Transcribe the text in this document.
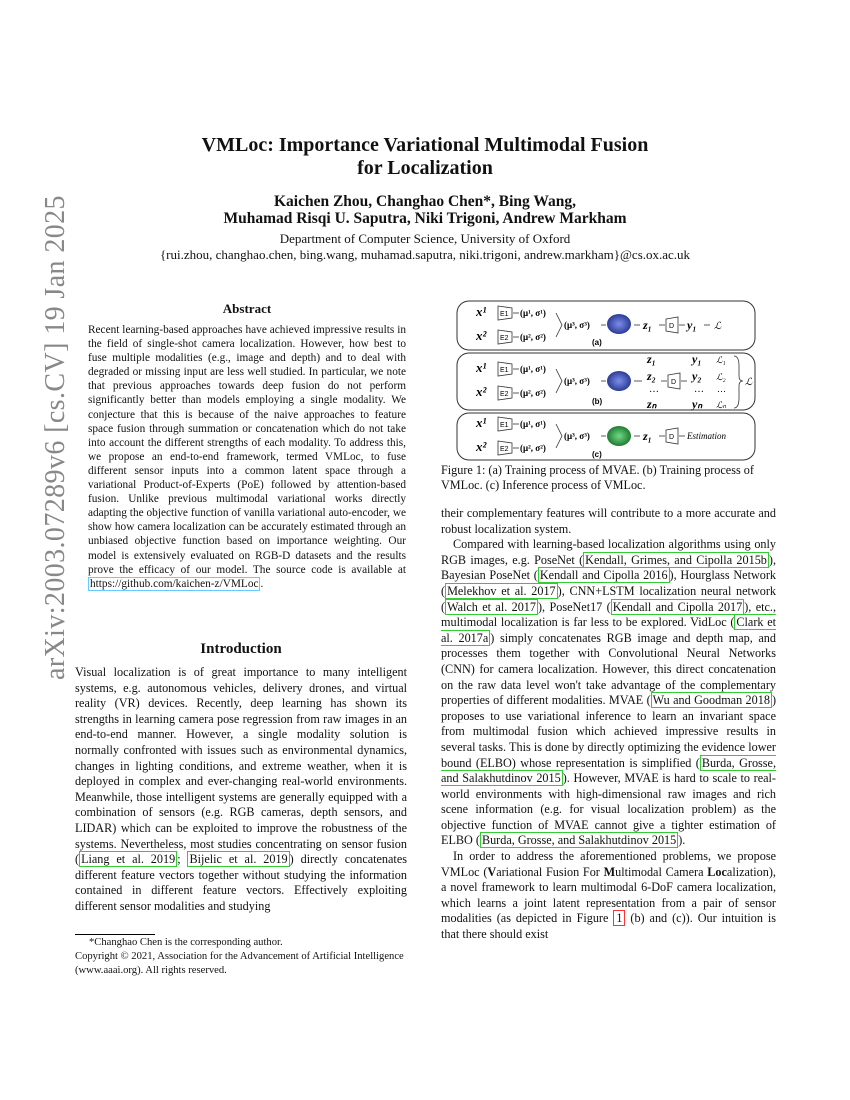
VMLoc: Importance Variational Multimodal Fusion
for Localization
Kaichen Zhou, Changhao Chen*, Bing Wang,
Muhamad Risqi U. Saputra, Niki Trigoni, Andrew Markham
Department of Computer Science, University of Oxford
{rui.zhou, changhao.chen, bing.wang, muhamad.saputra, niki.trigoni, andrew.markham}@cs.ox.ac.uk
arXiv:2003.07289v6 [cs.CV] 19 Jan 2025	Abstract
Recent learning-based approaches have achieved impressive results in the field of single-shot camera localization. However, how best to fuse multiple modalities (e.g., image and depth) and to deal with degraded or missing input are less well studied. In particular, we note that previous approaches towards deep fusion do not perform significantly better than models employing a single modality. We conjecture that this is because of the naive approaches to feature space fusion through summation or concatenation which do not take into account the different strengths of each modality. To address this, we propose an end-to-end framework, termed VMLoc, to fuse different sensor inputs into a common latent space through a variational Product-of-Experts (PoE) followed by attention-based fusion. Unlike previous multimodal variational works directly adapting the objective function of vanilla variational auto-encoder, we show how camera localization can be accurately estimated through an unbiased objective function based on importance weighting. Our model is extensively evaluated on RGB-D datasets and the results prove the efficacy of our model. The source code is available at https://github.com/kaichen-z/VMLoc .
Introduction

Visual localization is of great importance to many intelligent systems, e.g. autonomous vehicles, delivery drones, and virtual reality (VR) devices. Recently, deep learning has shown its strengths in learning camera pose regression from raw images in an end-to-end manner. However, a single modality solution is normally confronted with issues such as environmental dynamics, changes in lighting conditions, and extreme weather, when it is deployed in complex and ever-changing real-world environments. Meanwhile, those intelligent systems are generally equipped with a combination of sensors (e.g. RGB cameras, depth sensors, and LIDAR) which can be exploited to improve the robustness of the systems. Nevertheless, most studies concentrating on sensor fusion ( Liang et al. 2019 ; Bijelic et al. 2019 ) directly concatenates different feature vectors together without studying the information contained in different feature vectors. Effectively exploiting different sensor modalities and studying

*Changhao Chen is the corresponding author.
Copyright © 2021, Association for the Advancement of Artificial Intelligence (www.aaai.org). All rights reserved.
x¹
x²
E1
E2
(μ¹, σ¹)
(μ², σ²)
(μ³, σ³)
(a)
z₁ D y₁ ℒ
x¹
x²
E1
E2
(μ¹, σ¹)
(μ², σ²)
(μ³, σ³)
(b)
z₁
z₂
…
zₙ
D
y₁
y₂
…
yₙ
ℒ₁
ℒ₂
…
ℒₙ
ℒ
x¹
x²
E1
E2
(μ¹, σ¹)
(μ², σ²)
(μ³, σ³)
(c)
z₁ D Estimation
Figure 1: (a) Training process of MVAE. (b) Training process of VMLoc. (c) Inference process of VMLoc.

their complementary features will contribute to a more accurate and robust localization system.

Compared with learning-based localization algorithms using only RGB images, e.g. PoseNet ( Kendall, Grimes, and Cipolla 2015b ), Bayesian PoseNet ( Kendall and Cipolla 2016 ), Hourglass Network ( Melekhov et al. 2017 ), CNN+LSTM localization neural network ( Walch et al. 2017 ), PoseNet17 ( Kendall and Cipolla 2017 ), etc., multimodal localization is far less to be explored. VidLoc ( Clark et al. 2017a ) simply concatenates RGB image and depth map, and processes them together with Convolutional Neural Networks (CNN) for camera localization. However, this direct concatenation on the raw data level won't take advantage of the complementary properties of different modalities. MVAE ( Wu and Goodman 2018 ) proposes to use variational inference to learn an invariant space from multimodal fusion which achieved impressive results in several tasks. This is done by directly optimizing the evidence lower bound (ELBO) whose representation is simplified ( Burda, Grosse, and Salakhutdinov 2015 ). However, MVAE is hard to scale to real-world environments with high-dimensional raw images and rich scene information (e.g. for visual localization problem) as the objective function of MVAE cannot give a tighter estimation of ELBO ( Burda, Grosse, and Salakhutdinov 2015 ).

In order to address the aforementioned problems, we propose VMLoc (Variational Fusion For Multimodal Camera Localization), a novel framework to learn multimodal 6-DoF camera localization, which learns a joint latent representation from a pair of sensor modalities (as depicted in Figure 1 (b) and (c)). Our intuition is that there should exist
